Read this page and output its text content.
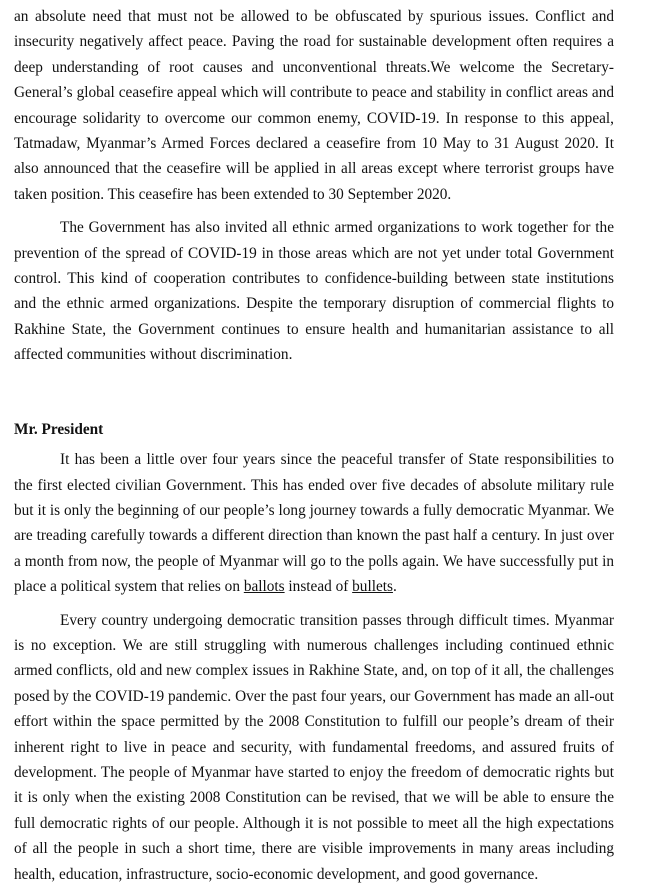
an absolute need that must not be allowed to be obfuscated by spurious issues. Conflict and insecurity negatively affect peace. Paving the road for sustainable development often requires a deep understanding of root causes and unconventional threats.We welcome the Secretary-General’s global ceasefire appeal which will contribute to peace and stability in conflict areas and encourage solidarity to overcome our common enemy, COVID-19. In response to this appeal, Tatmadaw, Myanmar’s Armed Forces declared a ceasefire from 10 May to 31 August 2020. It also announced that the ceasefire will be applied in all areas except where terrorist groups have taken position. This ceasefire has been extended to 30 September 2020.

The Government has also invited all ethnic armed organizations to work together for the prevention of the spread of COVID-19 in those areas which are not yet under total Government control. This kind of cooperation contributes to confidence-building between state institutions and the ethnic armed organizations. Despite the temporary disruption of commercial flights to Rakhine State, the Government continues to ensure health and humanitarian assistance to all affected communities without discrimination.

Mr. President

It has been a little over four years since the peaceful transfer of State responsibilities to the first elected civilian Government. This has ended over five decades of absolute military rule but it is only the beginning of our people’s long journey towards a fully democratic Myanmar. We are treading carefully towards a different direction than known the past half a century. In just over a month from now, the people of Myanmar will go to the polls again. We have successfully put in place a political system that relies on ballots instead of bullets.

Every country undergoing democratic transition passes through difficult times. Myanmar is no exception. We are still struggling with numerous challenges including continued ethnic armed conflicts, old and new complex issues in Rakhine State, and, on top of it all, the challenges posed by the COVID-19 pandemic. Over the past four years, our Government has made an all-out effort within the space permitted by the 2008 Constitution to fulfill our people’s dream of their inherent right to live in peace and security, with fundamental freedoms, and assured fruits of development. The people of Myanmar have started to enjoy the freedom of democratic rights but it is only when the existing 2008 Constitution can be revised, that we will be able to ensure the full democratic rights of our people. Although it is not possible to meet all the high expectations of all the people in such a short time, there are visible improvements in many areas including health, education, infrastructure, socio-economic development, and good governance.
